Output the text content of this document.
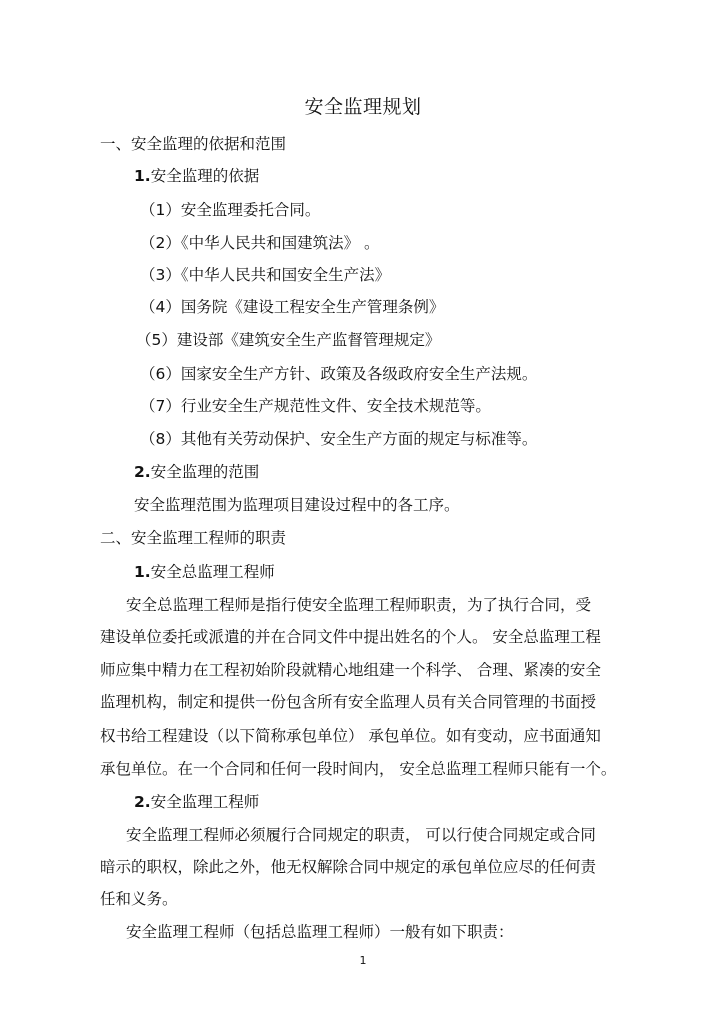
安全监理规划
一、安全监理的依据和范围
1.安全监理的依据
（1）安全监理委托合同。
（2）《中华人民共和国建筑法》 。
（3）《中华人民共和国安全生产法》
（4）国务院《建设工程安全生产管理条例》
（5）建设部《建筑安全生产监督管理规定》
（6）国家安全生产方针、政策及各级政府安全生产法规。
（7）行业安全生产规范性文件、安全技术规范等。
（8）其他有关劳动保护、安全生产方面的规定与标准等。
2.安全监理的范围
安全监理范围为监理项目建设过程中的各工序。
二、安全监理工程师的职责
1.安全总监理工程师
安全总监理工程师是指行使安全监理工程师职责，为了执行合同，受
建设单位委托或派遣的并在合同文件中提出姓名的个人。 安全总监理工程
师应集中精力在工程初始阶段就精心地组建一个科学、 合理、紧凑的安全
监理机构，制定和提供一份包含所有安全监理人员有关合同管理的书面授
权书给工程建设（以下简称承包单位） 承包单位。如有变动，应书面通知
承包单位。在一个合同和任何一段时间内， 安全总监理工程师只能有一个。
2.安全监理工程师
安全监理工程师必须履行合同规定的职责， 可以行使合同规定或合同
暗示的职权，除此之外，他无权解除合同中规定的承包单位应尽的任何责
任和义务。
安全监理工程师（包括总监理工程师）一般有如下职责：
1
